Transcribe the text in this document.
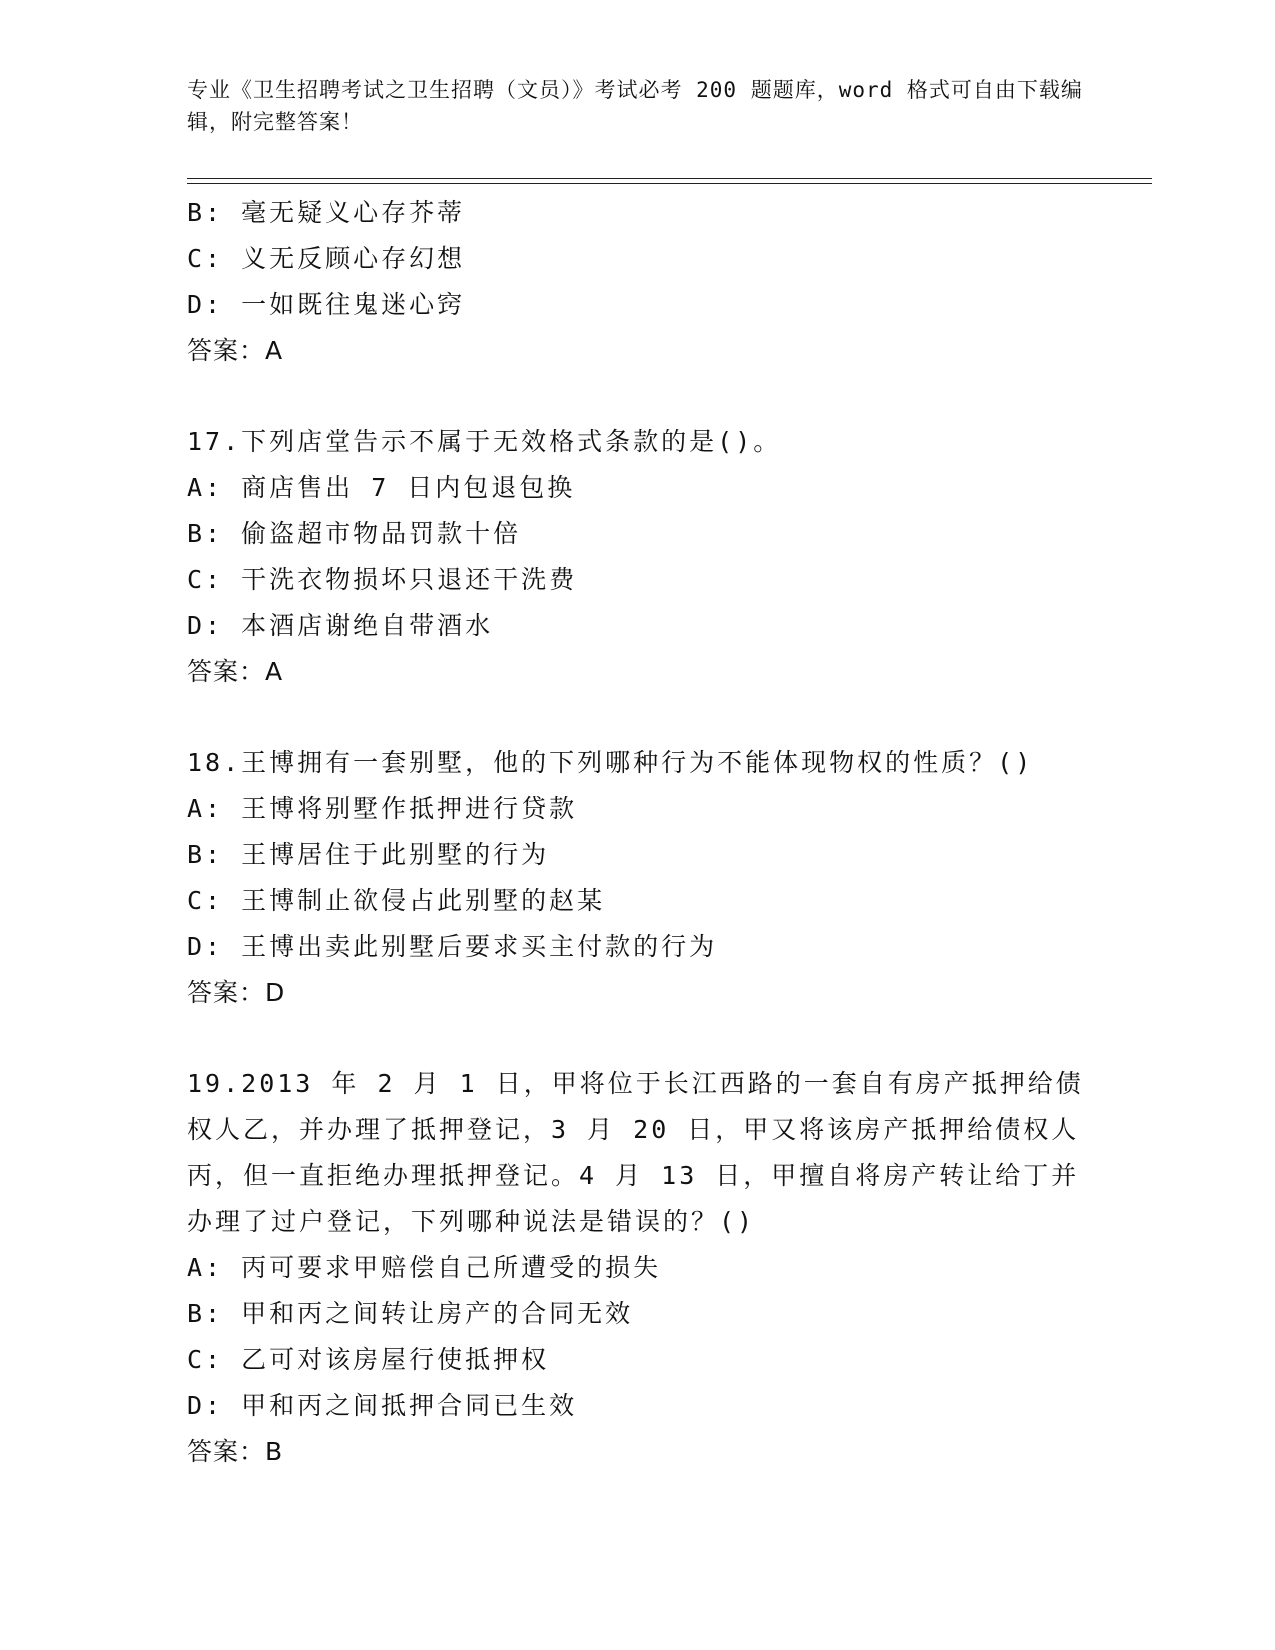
专业《卫生招聘考试之卫生招聘（文员）》考试必考 200 题题库，word 格式可自由下载编辑，附完整答案！
B: 毫无疑义心存芥蒂
C: 义无反顾心存幻想
D: 一如既往鬼迷心窍
答案：A
17.下列店堂告示不属于无效格式条款的是()。
A: 商店售出 7 日内包退包换
B: 偷盗超市物品罚款十倍
C: 干洗衣物损坏只退还干洗费
D: 本酒店谢绝自带酒水
答案：A
18.王博拥有一套别墅，他的下列哪种行为不能体现物权的性质？()
A: 王博将别墅作抵押进行贷款
B: 王博居住于此别墅的行为
C: 王博制止欲侵占此别墅的赵某
D: 王博出卖此别墅后要求买主付款的行为
答案：D
19.2013 年 2 月 1 日，甲将位于长江西路的一套自有房产抵押给债权人乙，并办理了抵押登记，3 月 20 日，甲又将该房产抵押给债权人丙，但一直拒绝办理抵押登记。4 月 13 日，甲擅自将房产转让给丁并办理了过户登记，下列哪种说法是错误的？()
A: 丙可要求甲赔偿自己所遭受的损失
B: 甲和丙之间转让房产的合同无效
C: 乙可对该房屋行使抵押权
D: 甲和丙之间抵押合同已生效
答案：B
